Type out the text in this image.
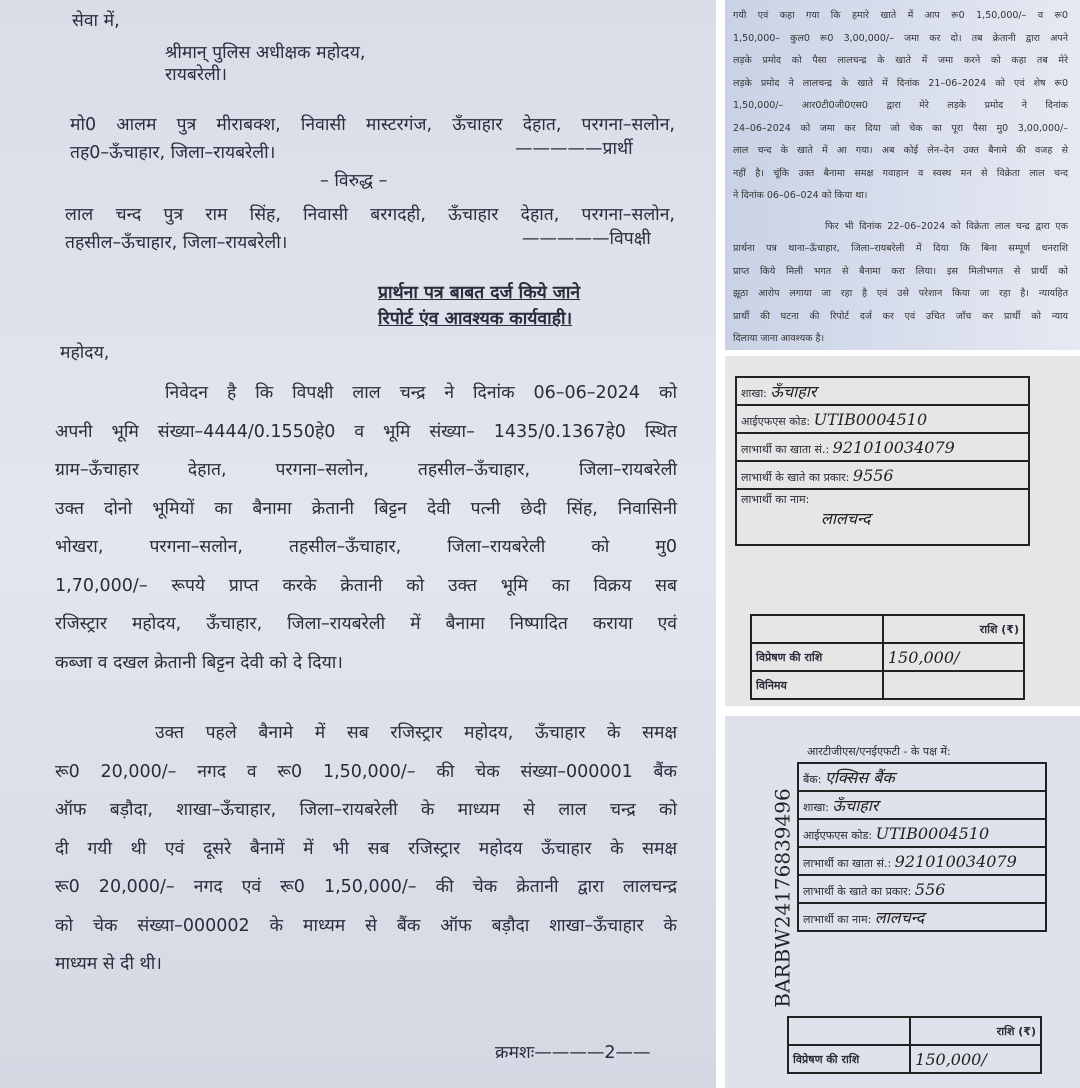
सेवा में,
श्रीमान् पुलिस अधीक्षक महोदय,
रायबरेली।
मो0 आलम पुत्र मीराबक्श, निवासी मास्टरगंज, ऊँचाहार देहात, परगना–सलोन,
तह0–ऊँचाहार, जिला–रायबरेली।	—————प्रार्थी
– विरुद्ध –
लाल चन्द पुत्र राम सिंह, निवासी बरगदही, ऊँचाहार देहात, परगना–सलोन,
तहसील–ऊँचाहार, जिला–रायबरेली।	—————विपक्षी
प्रार्थना पत्र बाबत दर्ज किये जाने
रिपोर्ट एंव आवश्यक कार्यवाही।
महोदय,
निवेदन है कि विपक्षी लाल चन्द्र ने दिनांक 06–06–2024 को
अपनी भूमि संख्या–4444/0.1550हे0 व भूमि संख्या– 1435/0.1367हे0 स्थित
ग्राम–ऊँचाहार देहात, परगना–सलोन, तहसील–ऊँचाहार, जिला–रायबरेली
उक्त दोनो भूमियों का बैनामा क्रेतानी बिट्टन देवी पत्नी छेदी सिंह, निवासिनी
भोखरा, परगना–सलोन, तहसील–ऊँचाहार, जिला–रायबरेली को मु0
1,70,000/– रूपये प्राप्त करके क्रेतानी को उक्त भूमि का विक्रय सब
रजिस्ट्रार महोदय, ऊँचाहार, जिला–रायबरेली में बैनामा निष्पादित कराया एवं
कब्जा व दखल क्रेतानी बिट्टन देवी को दे दिया।
उक्त पहले बैनामे में सब रजिस्ट्रार महोदय, ऊँचाहार के समक्ष
रू0 20,000/– नगद व रू0 1,50,000/– की चेक संख्या–000001 बैंक
ऑफ बड़ौदा, शाखा–ऊँचाहार, जिला–रायबरेली के माध्यम से लाल चन्द्र को
दी गयी थी एवं दूसरे बैनामें में भी सब रजिस्ट्रार महोदय ऊँचाहार के समक्ष
रू0 20,000/– नगद एवं रू0 1,50,000/– की चेक क्रेतानी द्वारा लालचन्द्र
को चेक संख्या–000002 के माध्यम से बैंक ऑफ बड़ौदा शाखा–ऊँचाहार के
माध्यम से दी थी।
क्रमशः————2——
गयी एवं कहा गया कि हमारे खाते में आप रू0 1,50,000/– व रू0
1,50,000– कुल0 रू0 3,00,000/– जमा कर दो। तब क्रेतानी द्वारा अपने
लड़के प्रमोद को पैसा लालचन्द्र के खाते में जमा करने को कहा तब मेरे
लड़के प्रमोद ने लालचन्द्र के खाते में दिनांक 21–06–2024 को एवं शेष रू0
1,50,000/– आर0टी0जी0एस0 द्वारा मेरे लड़के प्रमोद ने दिनांक
24–06–2024 को जमा कर दिया जो चेक का पूरा पैसा मु0 3,00,000/–
लाल चन्द के खाते में आ गया। अब कोई लेन–देन उक्त बैनामे की वजह से
नहीं है। चूंकि उक्त बैनामा समक्ष गवाहान व स्वस्थ मन से विक्रेता लाल चन्द
ने दिनांक 06–06–024 को किया था।
फिर भी दिनांक 22–06–2024 को विक्रेता लाल चन्द्र द्वारा एक
प्रार्थना पत्र थाना–ऊँचाहार, जिला–रायबरेली में दिया कि बिना सम्पूर्ण धनराशि
प्राप्त किये मिली भगत से बैनामा करा लिया। इस मिलीभगत से प्रार्थी को
झूठा आरोप लगाया जा रहा है एवं उसे परेशान किया जा रहा है। न्यायहित
प्रार्थी की घटना की रिपोर्ट दर्ज कर एवं उचित जाँच कर प्रार्थी को न्याय
दिलाया जाना आवश्यक है।
शाखा: ऊँचाहार
आईएफएस कोड: UTIB0004510
लाभार्थी का खाता सं.: 921010034079
लाभार्थी के खाते का प्रकार: 9556
लाभार्थी का नाम:
लालचन्द
	राशि (₹)
विप्रेषण की राशि	150,000/
विनिमय	
BARBW24176839496
आरटीजीएस/एनईएफटी - के पक्ष में:
बैंक: एक्सिस बैंक
शाखा: ऊँचाहार
आईएफएस कोड: UTIB0004510
लाभार्थी का खाता सं.: 921010034079
लाभार्थी के खाते का प्रकार: 556
लाभार्थी का नाम: लालचन्द
	राशि (₹)
विप्रेषण की राशि	150,000/
